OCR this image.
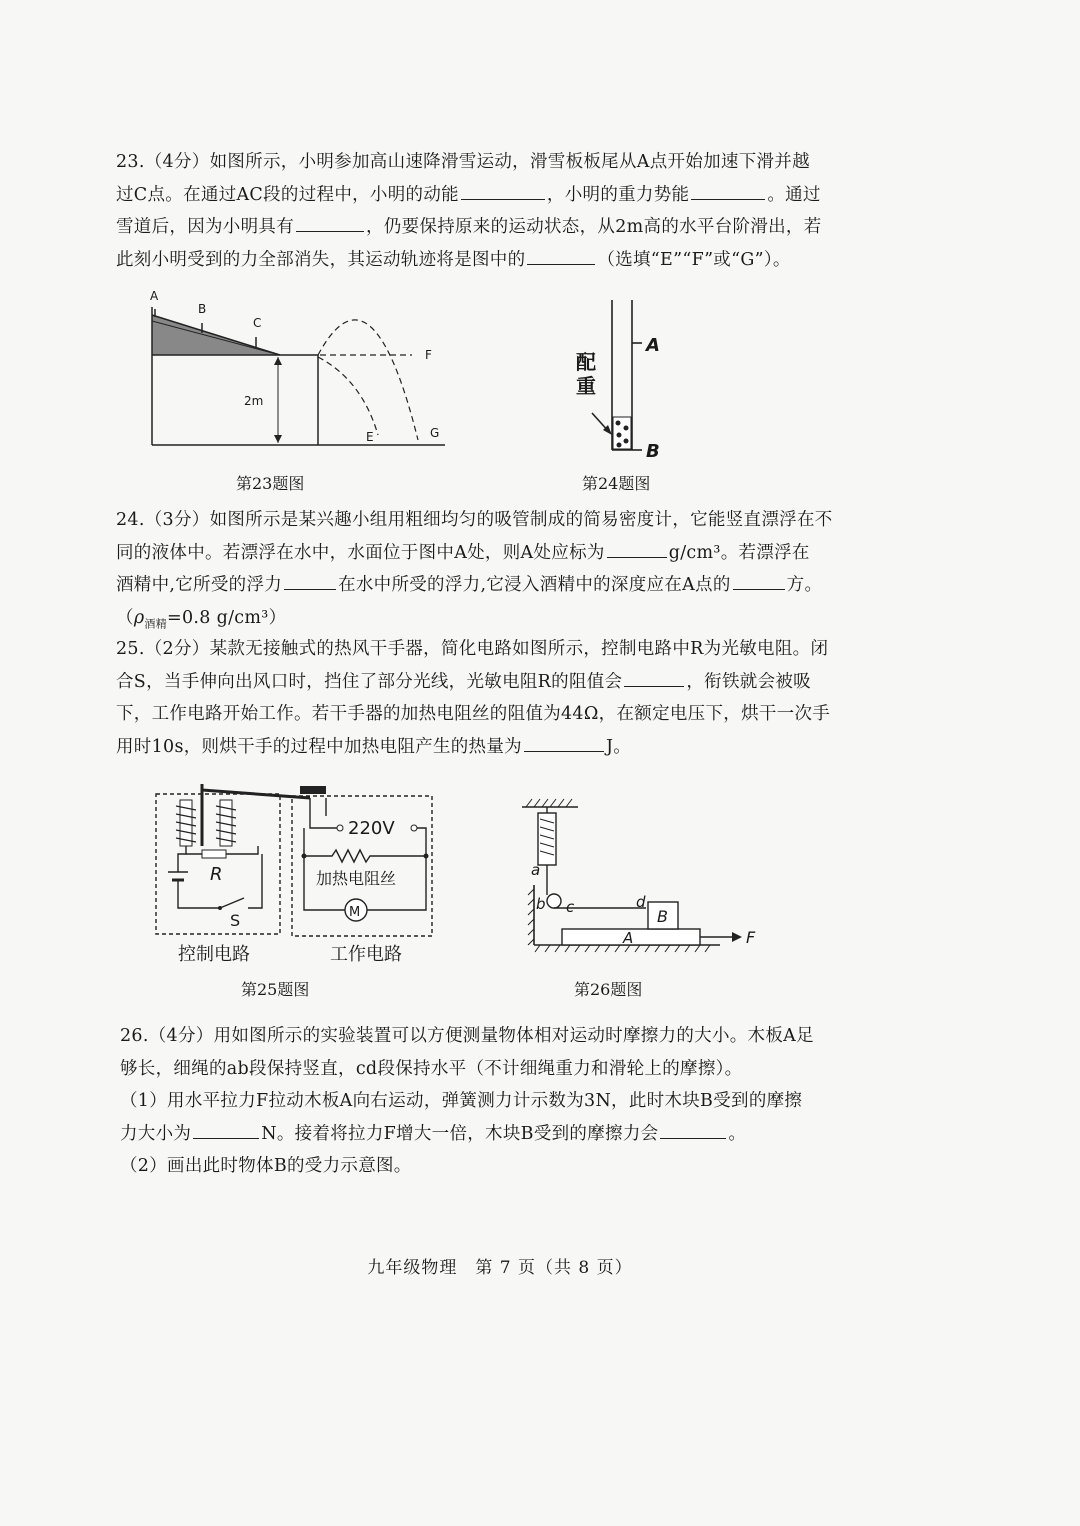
23.（4分）如图所示，小明参加高山速降滑雪运动，滑雪板板尾从A点开始加速下滑并越
过C点。在通过AC段的过程中，小明的动能	，小明的重力势能	。通过
雪道后，因为小明具有	，仍要保持原来的运动状态，从2m高的水平台阶滑出，若
此刻小明受到的力全部消失，其运动轨迹将是图中的	（选填“E”“F”或“G”）。
A
B
C
F
E	G
2m
第23题图
配
重
A
B
第24题图
24.（3分）如图所示是某兴趣小组用粗细均匀的吸管制成的简易密度计，它能竖直漂浮在不
同的液体中。若漂浮在水中，水面位于图中A处，则A处应标为	g/cm³。若漂浮在
酒精中,它所受的浮力	在水中所受的浮力,它浸入酒精中的深度应在A点的	方。
（$\rho_{酒精}=0.8$ g/cm³）
25.（2分）某款无接触式的热风干手器，简化电路如图所示，控制电路中R为光敏电阻。闭
合S，当手伸向出风口时，挡住了部分光线，光敏电阻R的阻值会	，衔铁就会被吸
下，工作电路开始工作。若干手器的加热电阻丝的阻值为44Ω，在额定电压下，烘干一次手
用时10s，则烘干手的过程中加热电阻产生的热量为	J。
R
S
220V
加热电阻丝
M
控制电路	工作电路
第25题图
a
b c	d
B
A	F
第26题图
26.（4分）用如图所示的实验装置可以方便测量物体相对运动时摩擦力的大小。木板A足
够长，细绳的ab段保持竖直，cd段保持水平（不计细绳重力和滑轮上的摩擦）。
（1）用水平拉力F拉动木板A向右运动，弹簧测力计示数为3N，此时木块B受到的摩擦
力大小为	N。接着将拉力F增大一倍，木块B受到的摩擦力会	。
（2）画出此时物体B的受力示意图。
九年级物理　第 7 页（共 8 页）
